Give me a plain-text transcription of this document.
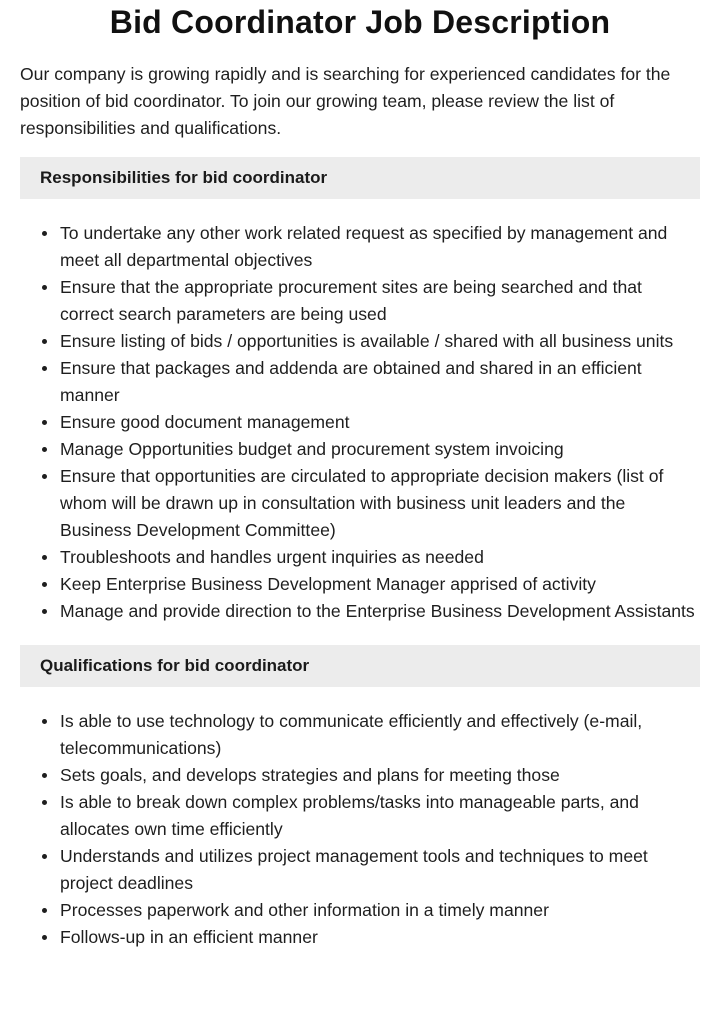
Bid Coordinator Job Description

Our company is growing rapidly and is searching for experienced candidates for the position of bid coordinator. To join our growing team, please review the list of responsibilities and qualifications.

Responsibilities for bid coordinator
To undertake any other work related request as specified by management and meet all departmental objectives
Ensure that the appropriate procurement sites are being searched and that correct search parameters are being used
Ensure listing of bids / opportunities is available / shared with all business units
Ensure that packages and addenda are obtained and shared in an efficient manner
Ensure good document management
Manage Opportunities budget and procurement system invoicing
Ensure that opportunities are circulated to appropriate decision makers (list of whom will be drawn up in consultation with business unit leaders and the Business Development Committee)
Troubleshoots and handles urgent inquiries as needed
Keep Enterprise Business Development Manager apprised of activity
Manage and provide direction to the Enterprise Business Development Assistants
Qualifications for bid coordinator
Is able to use technology to communicate efficiently and effectively (e-mail, telecommunications)
Sets goals, and develops strategies and plans for meeting those
Is able to break down complex problems/tasks into manageable parts, and allocates own time efficiently
Understands and utilizes project management tools and techniques to meet project deadlines
Processes paperwork and other information in a timely manner
Follows-up in an efficient manner
